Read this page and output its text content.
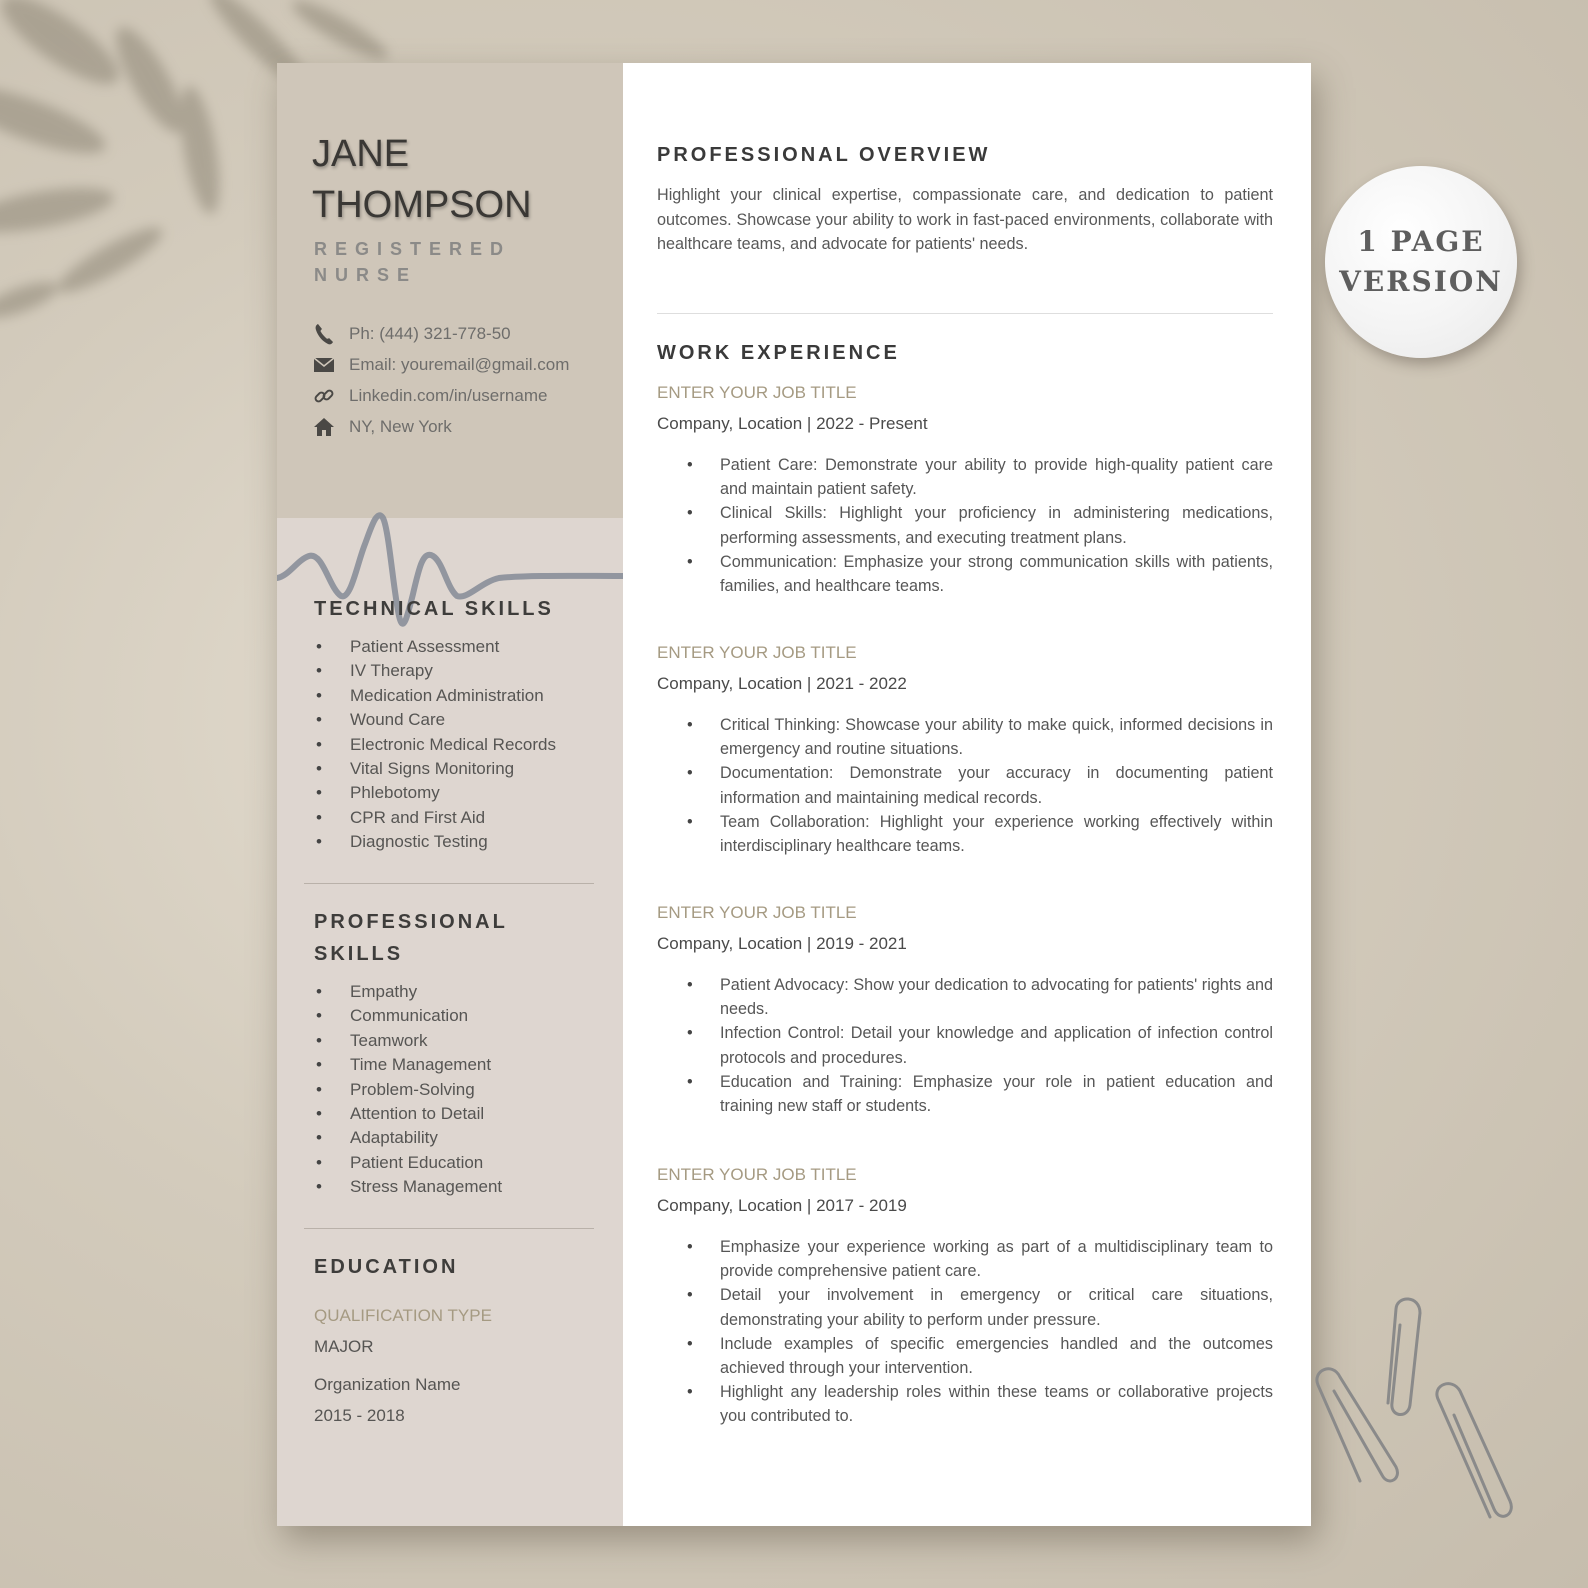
JANE
THOMPSON
REGISTERED NURSE
Ph: (444) 321-778-50
Email: youremail@gmail.com
Linkedin.com/in/username
NY, New York
TECHNICAL SKILLS
• Patient Assessment
• IV Therapy
• Medication Administration
• Wound Care
• Electronic Medical Records
• Vital Signs Monitoring
• Phlebotomy
• CPR and First Aid
• Diagnostic Testing
PROFESSIONAL SKILLS
• Empathy
• Communication
• Teamwork
• Time Management
• Problem-Solving
• Attention to Detail
• Adaptability
• Patient Education
• Stress Management
EDUCATION
QUALIFICATION TYPE
MAJOR
Organization Name
2015 - 2018
PROFESSIONAL OVERVIEW

Highlight your clinical expertise, compassionate care, and dedication to patient outcomes. Showcase your ability to work in fast-paced environments, collaborate with healthcare teams, and advocate for patients' needs.

WORK EXPERIENCE
ENTER YOUR JOB TITLE
Company, Location | 2022 - Present
• Patient Care: Demonstrate your ability to provide high-quality patient care and maintain patient safety.
• Clinical Skills: Highlight your proficiency in administering medications, performing assessments, and executing treatment plans.
• Communication: Emphasize your strong communication skills with patients, families, and healthcare teams.
ENTER YOUR JOB TITLE
Company, Location | 2021 - 2022
• Critical Thinking: Showcase your ability to make quick, informed decisions in emergency and routine situations.
• Documentation: Demonstrate your accuracy in documenting patient information and maintaining medical records.
• Team Collaboration: Highlight your experience working effectively within interdisciplinary healthcare teams.
ENTER YOUR JOB TITLE
Company, Location | 2019 - 2021
• Patient Advocacy: Show your dedication to advocating for patients' rights and needs.
• Infection Control: Detail your knowledge and application of infection control protocols and procedures.
• Education and Training: Emphasize your role in patient education and training new staff or students.
ENTER YOUR JOB TITLE
Company, Location | 2017 - 2019
• Emphasize your experience working as part of a multidisciplinary team to provide comprehensive patient care.
• Detail your involvement in emergency or critical care situations, demonstrating your ability to perform under pressure.
• Include examples of specific emergencies handled and the outcomes achieved through your intervention.
• Highlight any leadership roles within these teams or collaborative projects you contributed to.
1 PAGE
VERSION
